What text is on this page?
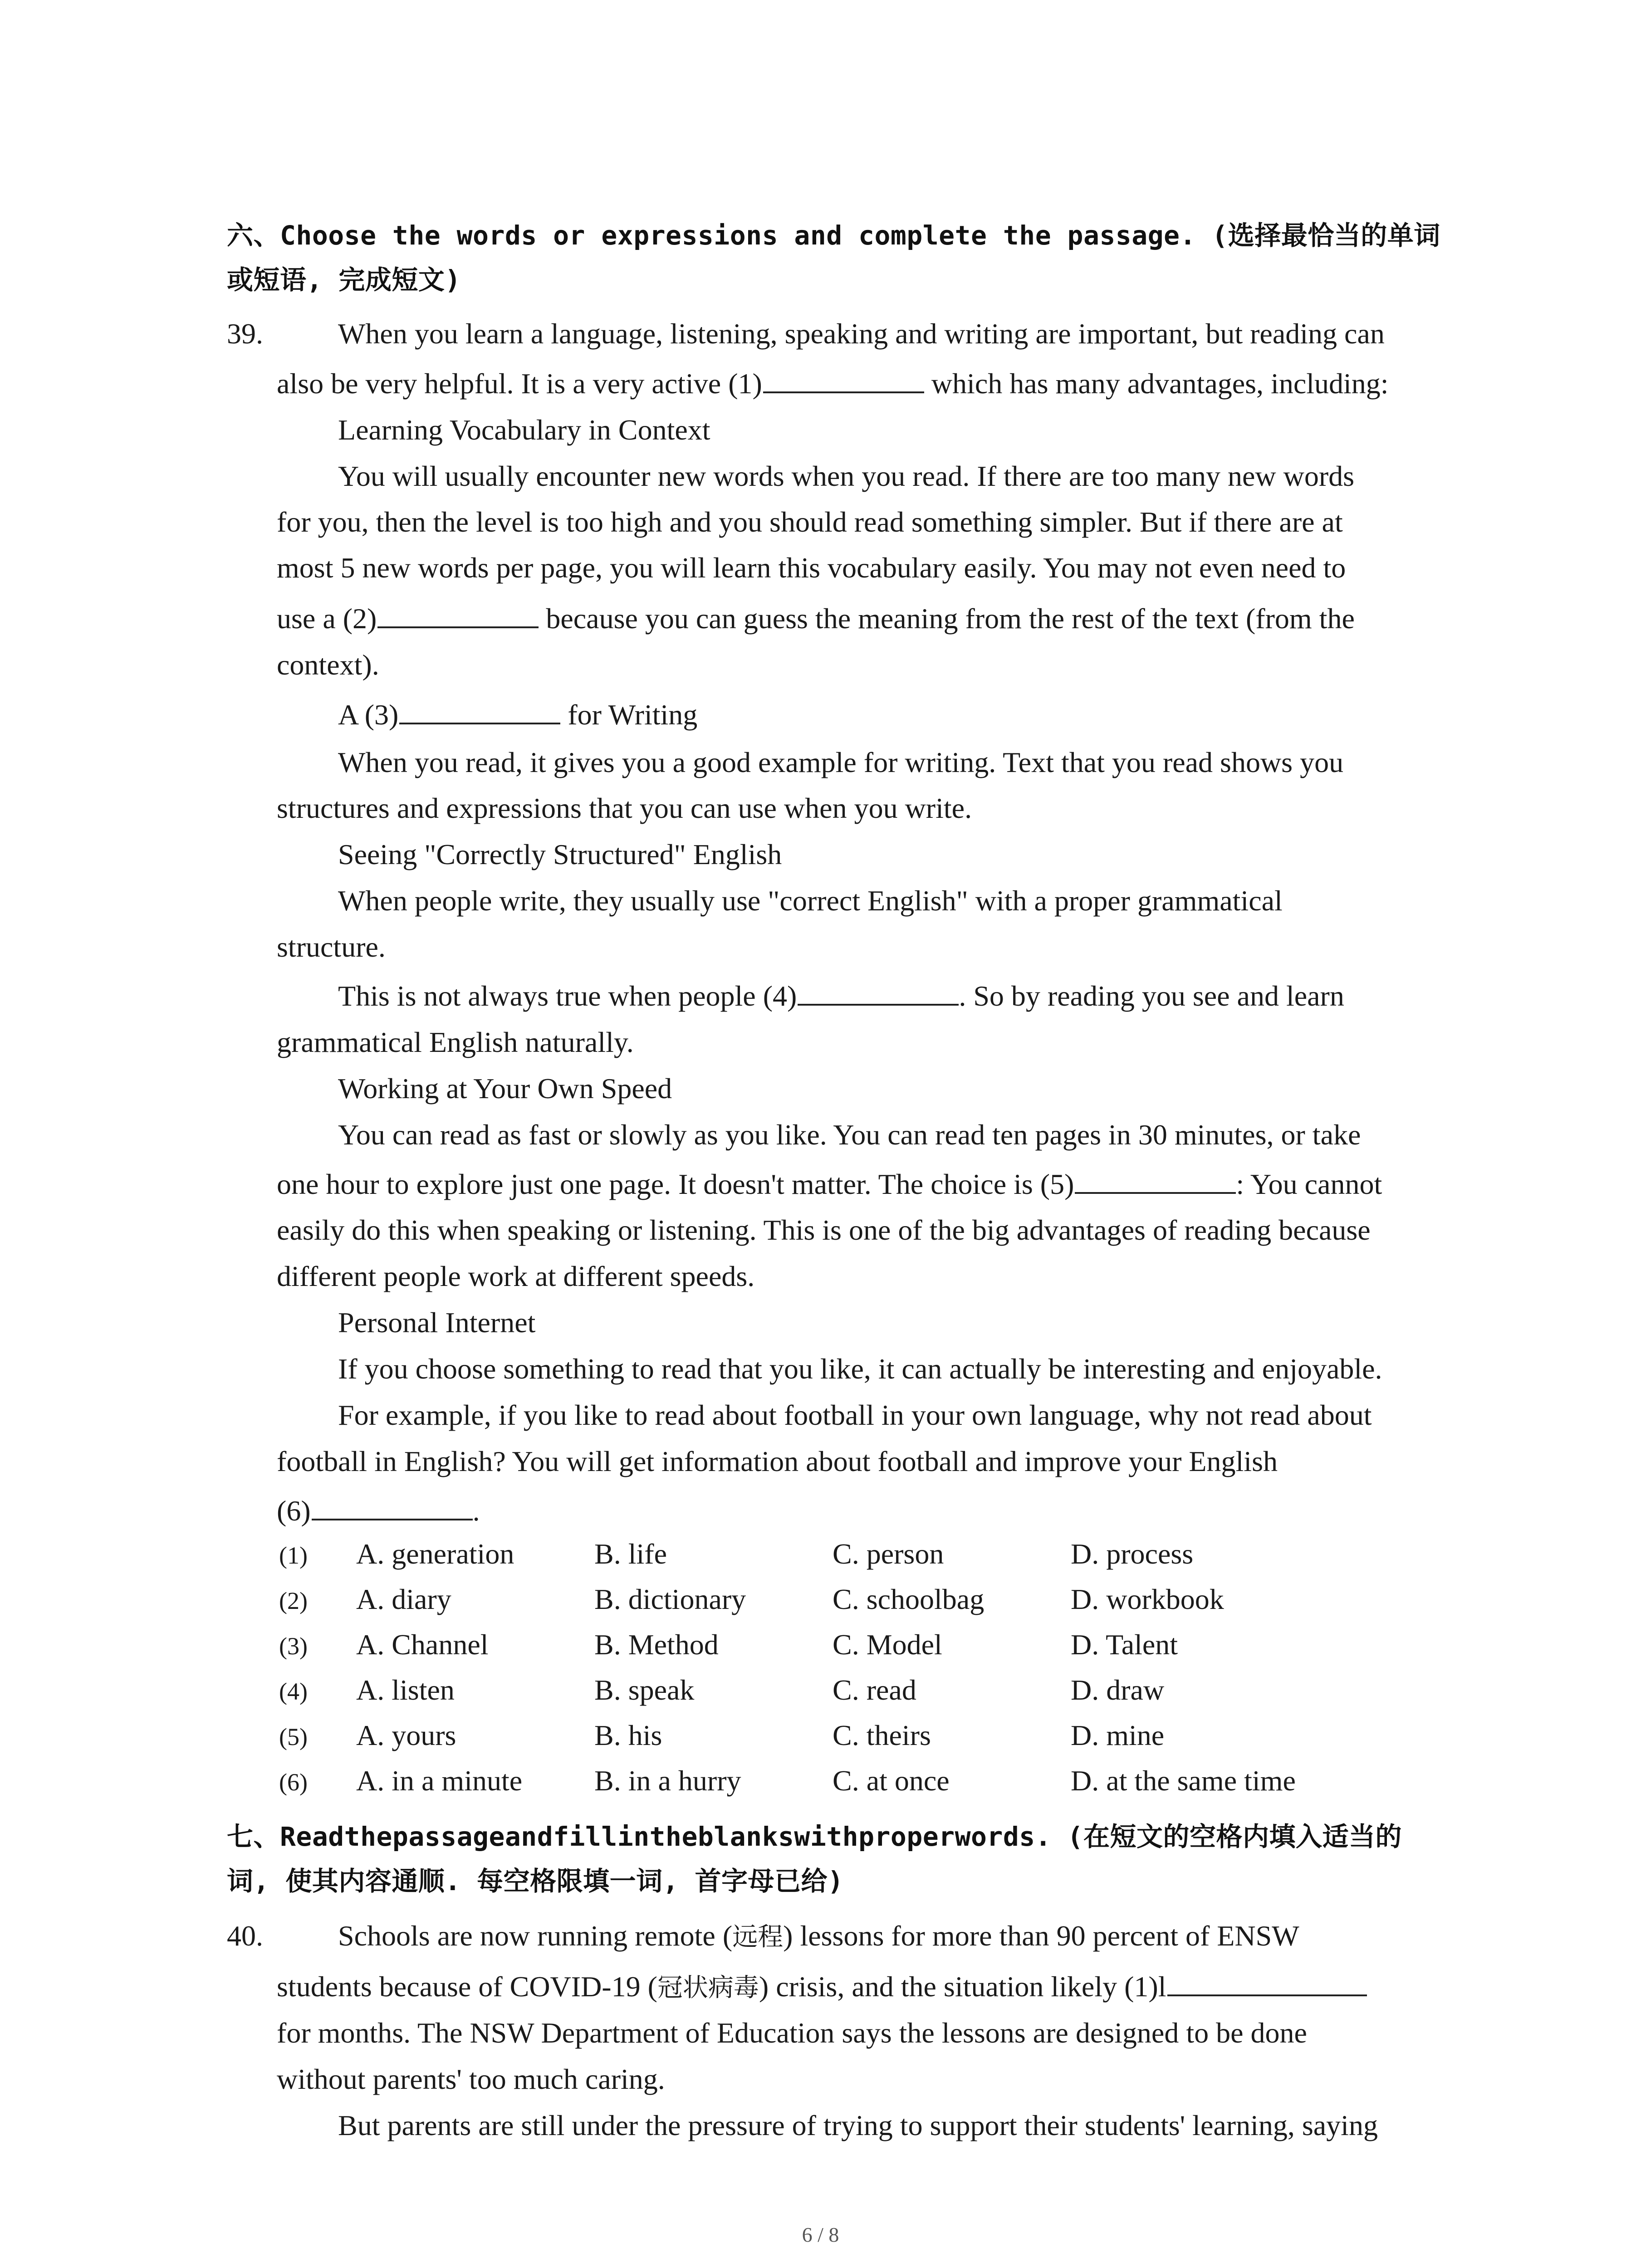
六、Choose the words or expressions and complete the passage. (选择最恰当的单词
或短语, 完成短文)
39.	When you learn a language, listening, speaking and writing are important, but reading can
also be very helpful. It is a very active (1)	which has many advantages, including:
Learning Vocabulary in Context
You will usually encounter new words when you read. If there are too many new words
for you, then the level is too high and you should read something simpler. But if there are at
most 5 new words per page, you will learn this vocabulary easily. You may not even need to
use a (2)	because you can guess the meaning from the rest of the text (from the
context).
A (3)	for Writing
When you read, it gives you a good example for writing. Text that you read shows you
structures and expressions that you can use when you write.
Seeing "Correctly Structured" English
When people write, they usually use "correct English" with a proper grammatical
structure.
This is not always true when people (4)	. So by reading you see and learn
grammatical English naturally.
Working at Your Own Speed
You can read as fast or slowly as you like. You can read ten pages in 30 minutes, or take
one hour to explore just one page. It doesn't matter. The choice is (5)	: You cannot
easily do this when speaking or listening. This is one of the big advantages of reading because
different people work at different speeds.
Personal Internet
If you choose something to read that you like, it can actually be interesting and enjoyable.
For example, if you like to read about football in your own language, why not read about
football in English? You will get information about football and improve your English
(6)	.
(1) A. generation	B. life	C. person	D. process
(2) A. diary	B. dictionary	C. schoolbag	D. workbook
(3) A. Channel	B. Method	C. Model	D. Talent
(4) A. listen	B. speak	C. read	D. draw
(5) A. yours	B. his	C. theirs	D. mine
(6) A. in a minute B. in a hurry	C. at once	D. at the same time
七、Readthepassageandfillintheblankswithproperwords. (在短文的空格内填入适当的
词, 使其内容通顺. 每空格限填一词, 首字母已给)
40.	Schools are now running remote (远程) lessons for more than 90 percent of ENSW
students because of COVID-19 (冠状病毒) crisis, and the situation likely (1)l
for months. The NSW Department of Education says the lessons are designed to be done
without parents' too much caring.
But parents are still under the pressure of trying to support their students' learning, saying
6 / 8
